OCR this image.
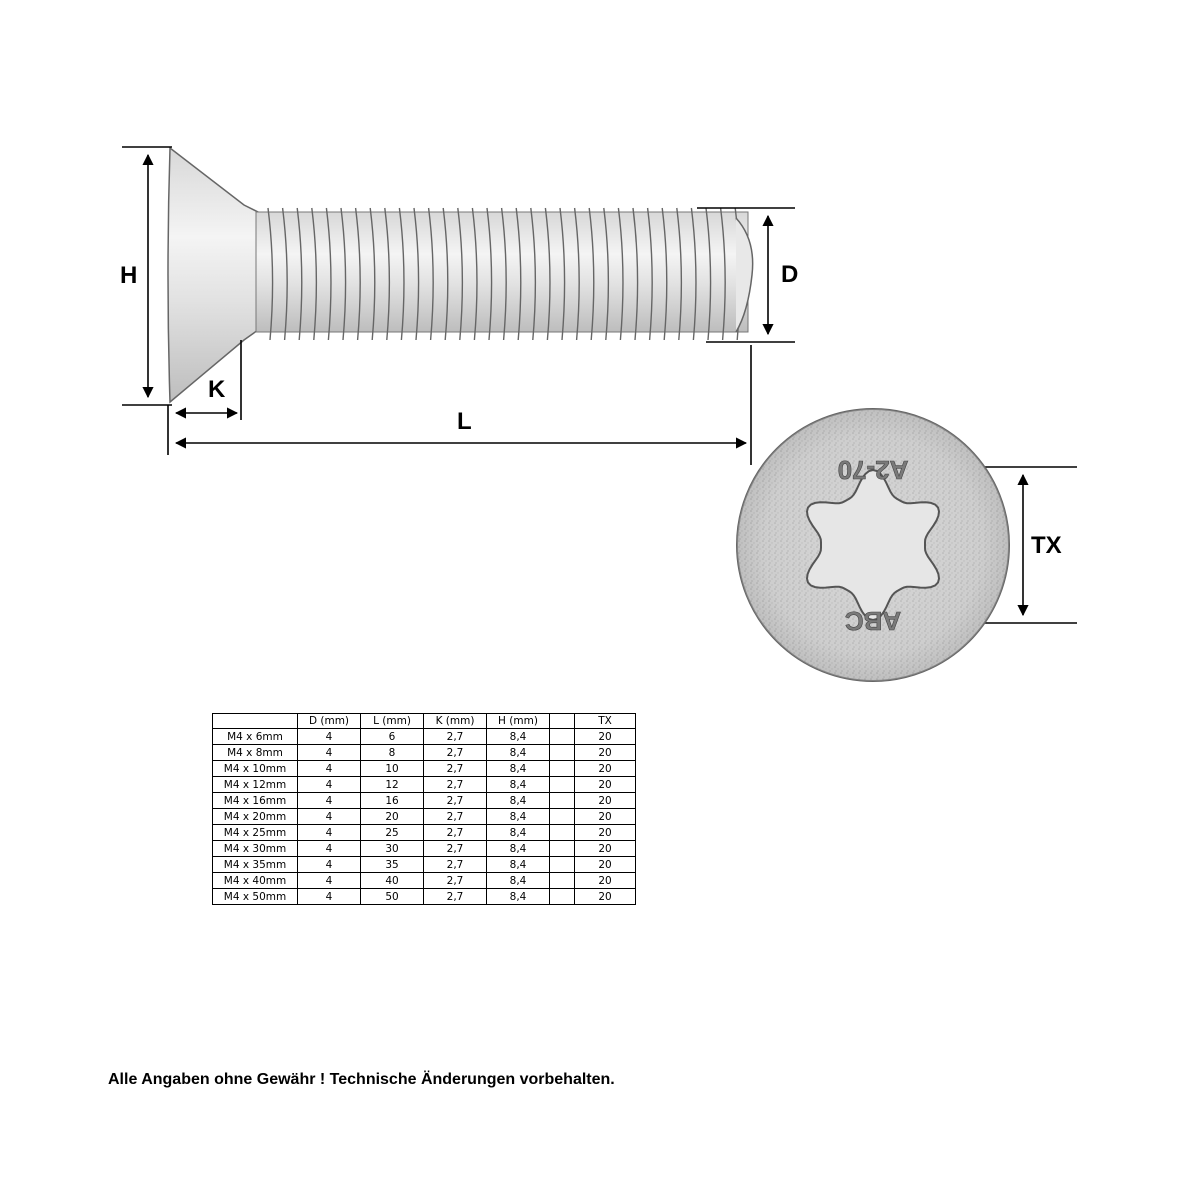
H
K
L
D
TX
A2-70
ABC
	D (mm)	L (mm)	K (mm)	H (mm)		TX
M4 x 6mm	4	6	2,7	8,4		20
M4 x 8mm	4	8	2,7	8,4		20
M4 x 10mm	4	10	2,7	8,4		20
M4 x 12mm	4	12	2,7	8,4		20
M4 x 16mm	4	16	2,7	8,4		20
M4 x 20mm	4	20	2,7	8,4		20
M4 x 25mm	4	25	2,7	8,4		20
M4 x 30mm	4	30	2,7	8,4		20
M4 x 35mm	4	35	2,7	8,4		20
M4 x 40mm	4	40	2,7	8,4		20
M4 x 50mm	4	50	2,7	8,4		20
Alle Angaben ohne Gewähr ! Technische Änderungen vorbehalten.
